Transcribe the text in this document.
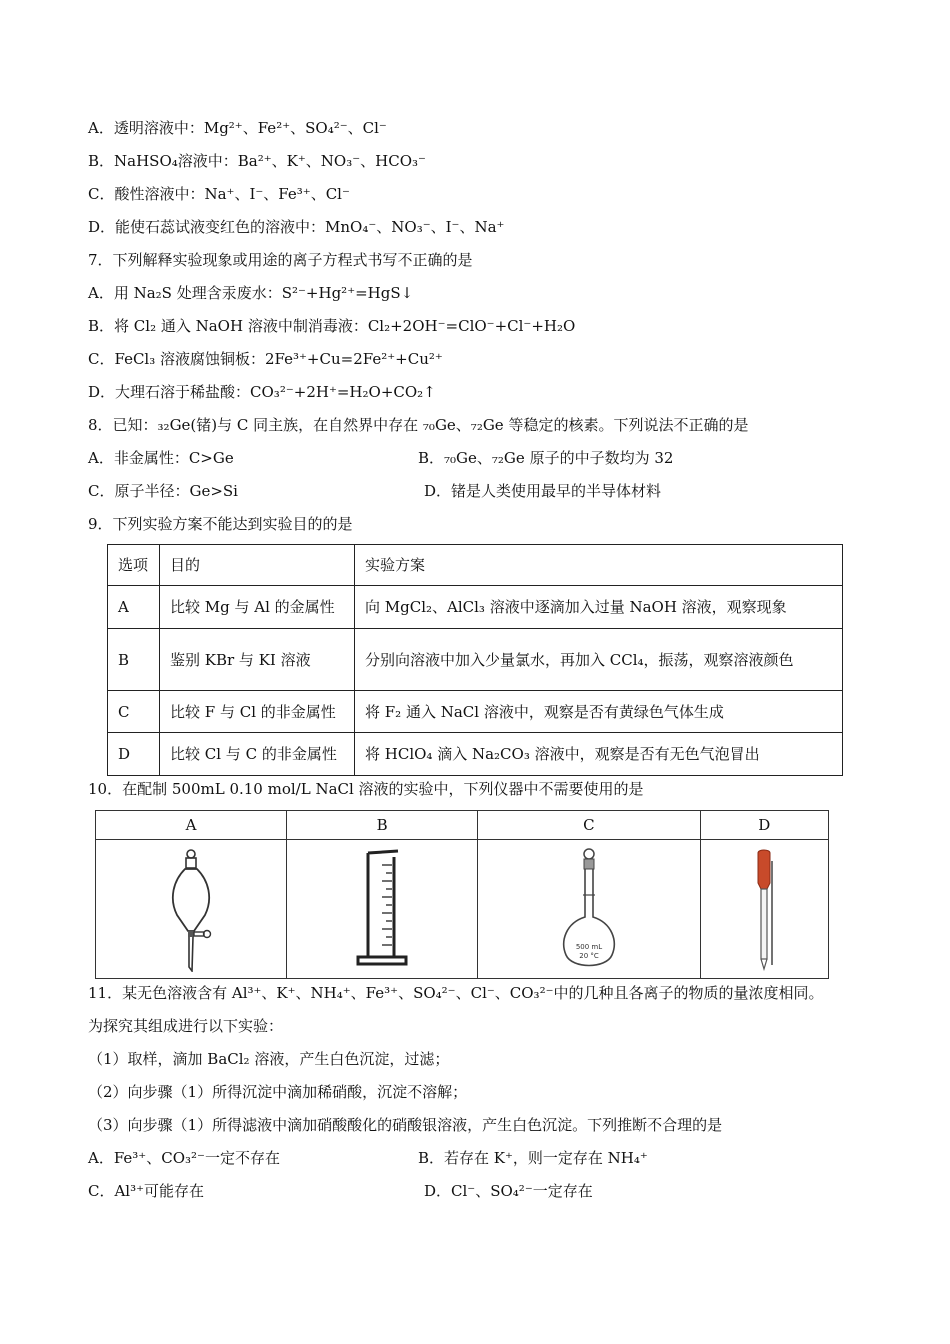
A．透明溶液中：Mg²⁺、Fe²⁺、SO₄²⁻、Cl⁻
B．NaHSO₄溶液中：Ba²⁺、K⁺、NO₃⁻、HCO₃⁻
C．酸性溶液中：Na⁺、I⁻、Fe³⁺、Cl⁻
D．能使石蕊试液变红色的溶液中：MnO₄⁻、NO₃⁻、I⁻、Na⁺
7．下列解释实验现象或用途的离子方程式书写不正确的是
A．用 Na₂S 处理含汞废水：S²⁻+Hg²⁺=HgS↓
B．将 Cl₂ 通入 NaOH 溶液中制消毒液：Cl₂+2OH⁻=ClO⁻+Cl⁻+H₂O
C．FeCl₃ 溶液腐蚀铜板：2Fe³⁺+Cu=2Fe²⁺+Cu²⁺
D．大理石溶于稀盐酸：CO₃²⁻+2H⁺=H₂O+CO₂↑
8．已知：₃₂Ge(锗)与 C 同主族，在自然界中存在 ₇₀Ge、₇₂Ge 等稳定的核素。下列说法不正确的是
A．非金属性：C>Ge	B．₇₀Ge、₇₂Ge 原子的中子数均为 32
C．原子半径：Ge>Si	D．锗是人类使用最早的半导体材料
9．下列实验方案不能达到实验目的的是
选项	目的	实验方案
A	比较 Mg 与 Al 的金属性	向 MgCl₂、AlCl₃ 溶液中逐滴加入过量 NaOH 溶液，观察现象
B	鉴别 KBr 与 KI 溶液	分别向溶液中加入少量氯水，再加入 CCl₄，振荡，观察溶液颜色
C	比较 F 与 Cl 的非金属性	将 F₂ 通入 NaCl 溶液中，观察是否有黄绿色气体生成
D	比较 Cl 与 C 的非金属性	将 HClO₄ 滴入 Na₂CO₃ 溶液中，观察是否有无色气泡冒出
10．在配制 500mL 0.10 mol/L NaCl 溶液的实验中，下列仪器中不需要使用的是
A	B	C	D

500 mL
20 °C

11．某无色溶液含有 Al³⁺、K⁺、NH₄⁺、Fe³⁺、SO₄²⁻、Cl⁻、CO₃²⁻中的几种且各离子的物质的量浓度相同。
为探究其组成进行以下实验：
（1）取样，滴加 BaCl₂ 溶液，产生白色沉淀，过滤；
（2）向步骤（1）所得沉淀中滴加稀硝酸，沉淀不溶解；
（3）向步骤（1）所得滤液中滴加硝酸酸化的硝酸银溶液，产生白色沉淀。下列推断不合理的是
A．Fe³⁺、CO₃²⁻一定不存在	B．若存在 K⁺，则一定存在 NH₄⁺
C．Al³⁺可能存在	D．Cl⁻、SO₄²⁻一定存在
